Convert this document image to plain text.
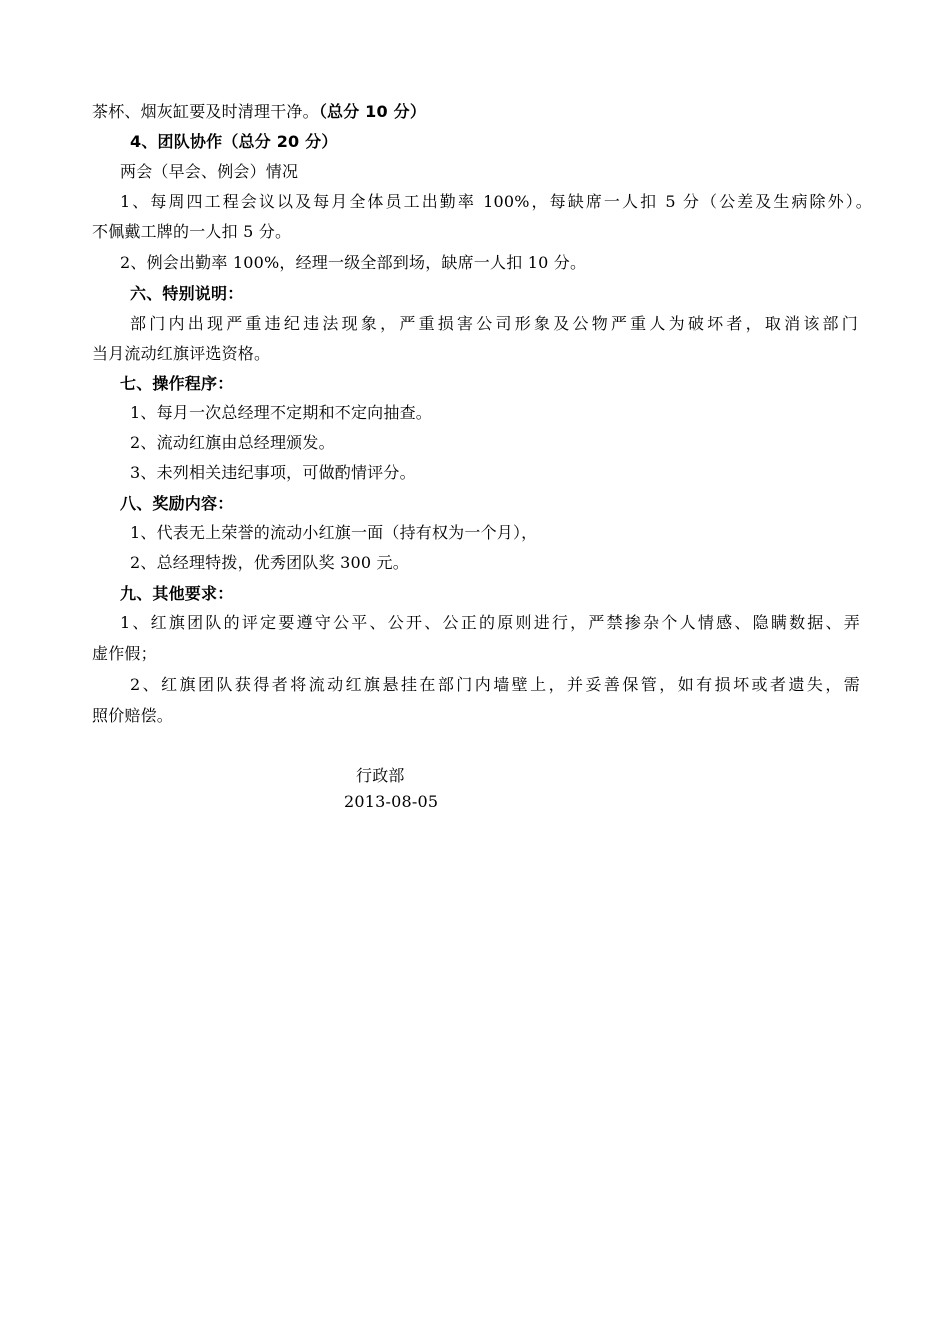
茶杯、烟灰缸要及时清理干净。（总分 10 分）
4、团队协作（总分 20 分）
两会（早会、例会）情况
1、每周四工程会议以及每月全体员工出勤率 100%，每缺席一人扣 5 分（公差及生病除外）。
不佩戴工牌的一人扣 5 分。
2、例会出勤率 100%，经理一级全部到场，缺席一人扣 10 分。
六、特别说明：
部门内出现严重违纪违法现象，严重损害公司形象及公物严重人为破坏者，取消该部门
当月流动红旗评选资格。
七、操作程序：
1、每月一次总经理不定期和不定向抽查。
2、流动红旗由总经理颁发。
3、未列相关违纪事项，可做酌情评分。
八、奖励内容：
1、代表无上荣誉的流动小红旗一面（持有权为一个月），
2、总经理特拨，优秀团队奖 300 元。
九、其他要求：
1、红旗团队的评定要遵守公平、公开、公正的原则进行，严禁掺杂个人情感、隐瞒数据、弄
虚作假；
2、红旗团队获得者将流动红旗悬挂在部门内墙壁上，并妥善保管，如有损坏或者遗失，需
照价赔偿。
行政部
2013-08-05
